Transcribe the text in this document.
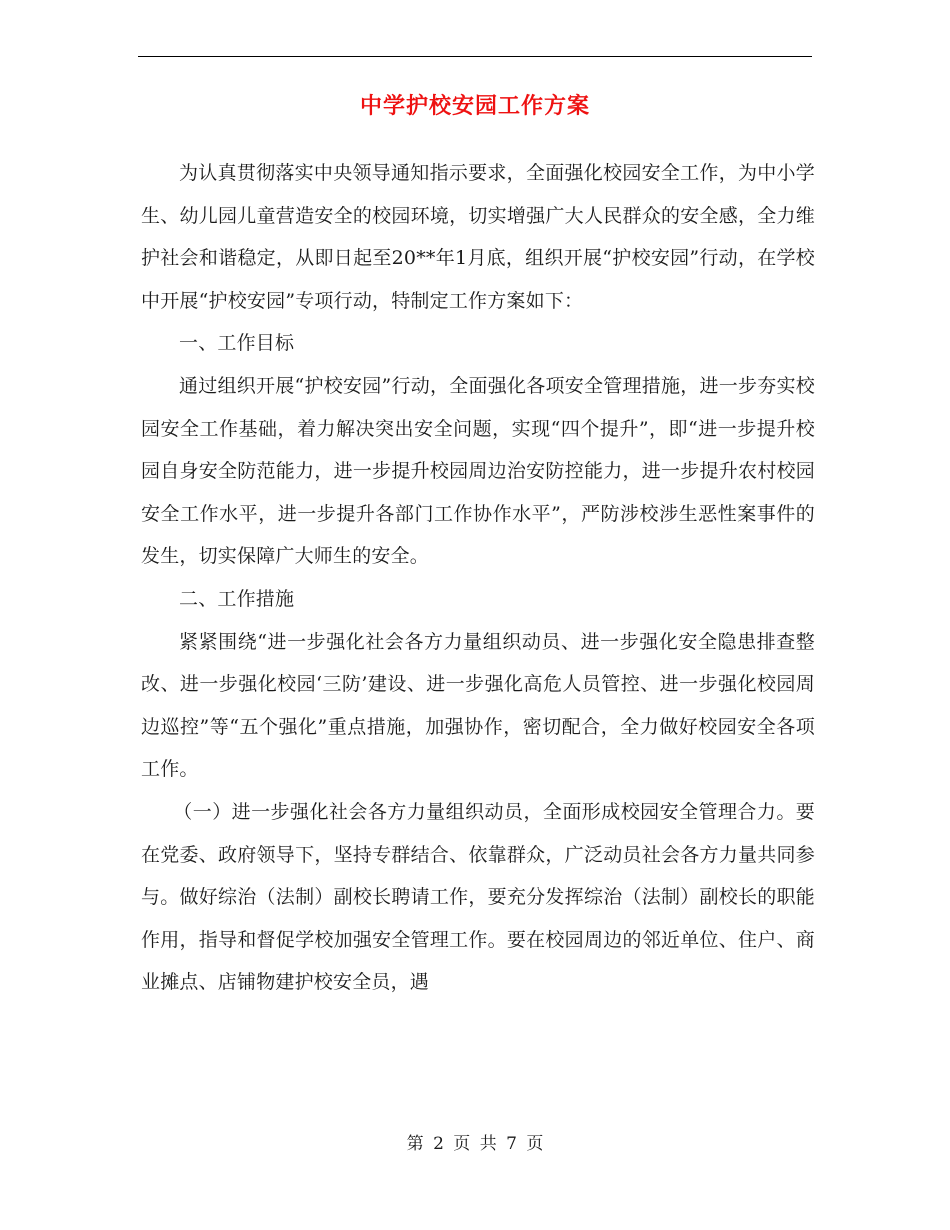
中学护校安园工作方案

为认真贯彻落实中央领导通知指示要求，全面强化校园安全工作，为中小学生、幼儿园儿童营造安全的校园环境，切实增强广大人民群众的安全感，全力维护社会和谐稳定，从即日起至20**年1月底，组织开展“护校安园”行动，在学校中开展“护校安园”专项行动，特制定工作方案如下：

一、工作目标

通过组织开展“护校安园”行动，全面强化各项安全管理措施，进一步夯实校园安全工作基础，着力解决突出安全问题，实现“四个提升”，即“进一步提升校园自身安全防范能力，进一步提升校园周边治安防控能力，进一步提升农村校园安全工作水平，进一步提升各部门工作协作水平”，严防涉校涉生恶性案事件的发生，切实保障广大师生的安全。

二、工作措施

紧紧围绕“进一步强化社会各方力量组织动员、进一步强化安全隐患排查整改、进一步强化校园‘三防’建设、进一步强化高危人员管控、进一步强化校园周边巡控”等“五个强化”重点措施，加强协作，密切配合，全力做好校园安全各项工作。

（一）进一步强化社会各方力量组织动员，全面形成校园安全管理合力。要在党委、政府领导下，坚持专群结合、依靠群众，广泛动员社会各方力量共同参与。做好综治（法制）副校长聘请工作，要充分发挥综治（法制）副校长的职能作用，指导和督促学校加强安全管理工作。要在校园周边的邻近单位、住户、商业摊点、店铺物建护校安全员，遇

第 2 页 共 7 页
